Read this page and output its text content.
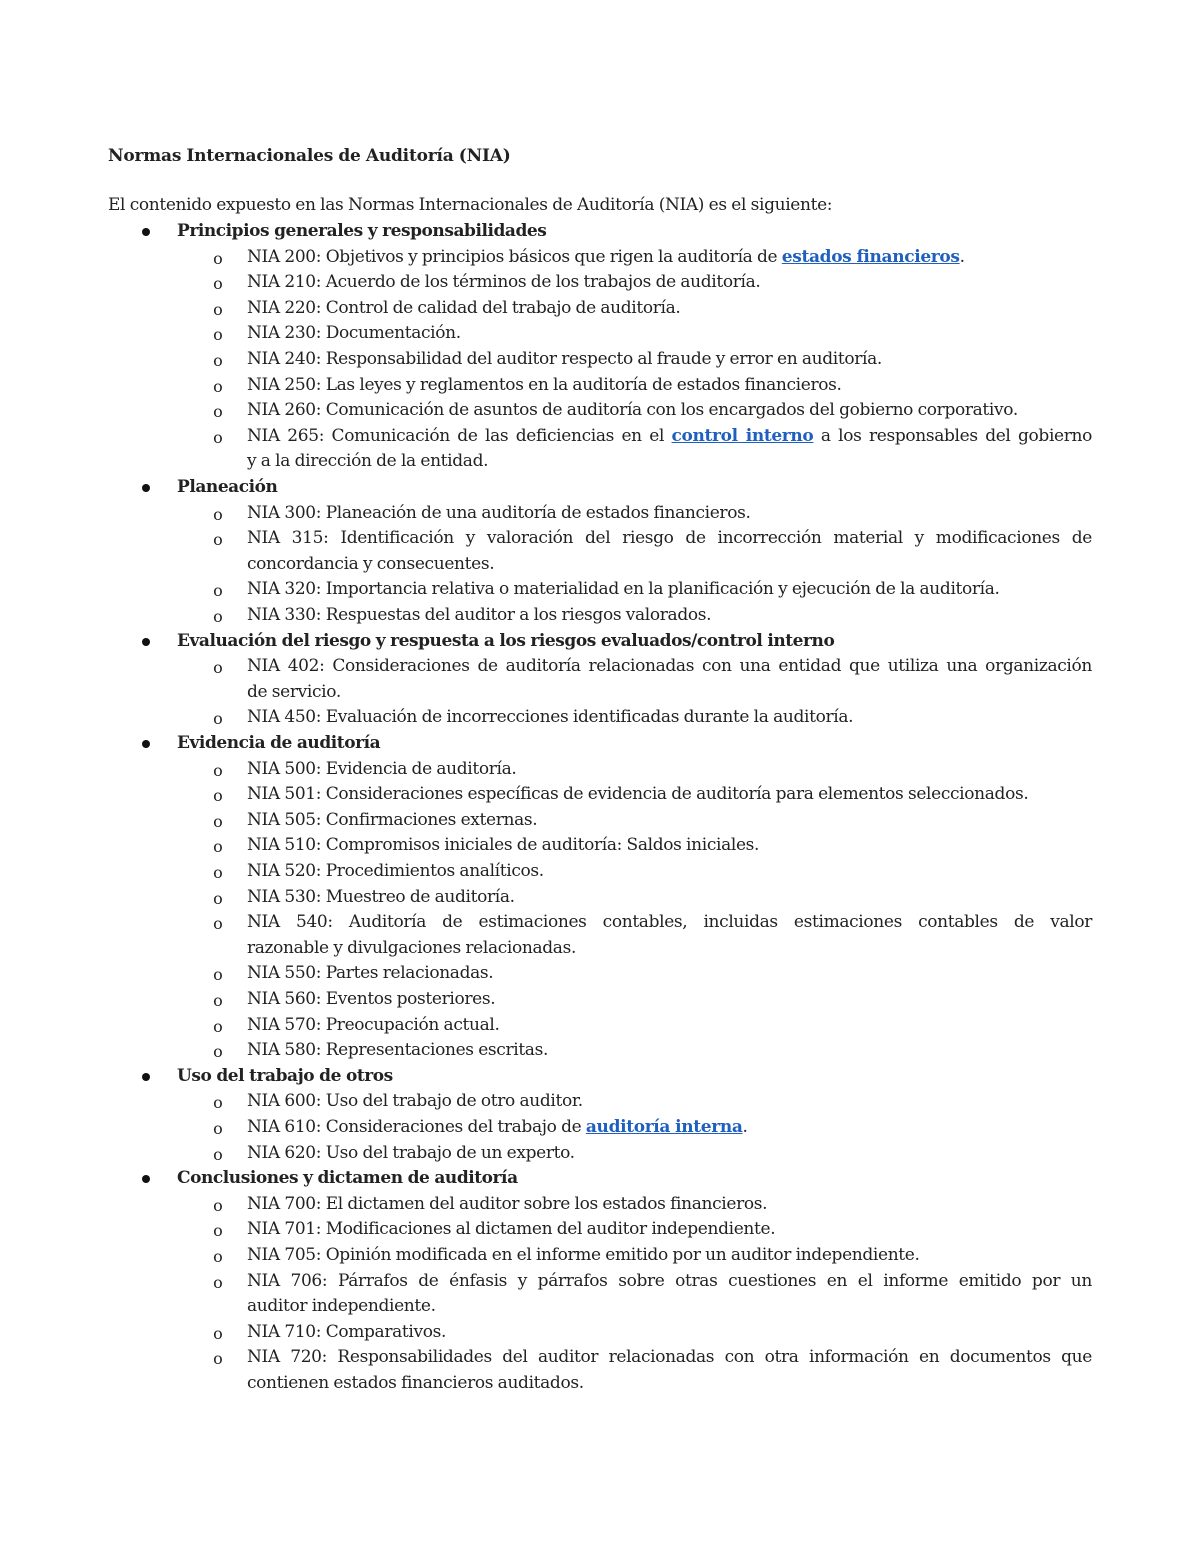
Normas Internacionales de Auditoría (NIA)
El contenido expuesto en las Normas Internacionales de Auditoría (NIA) es el siguiente:
Principios generales y responsabilidades
o NIA 200: Objetivos y principios básicos que rigen la auditoría de estados financieros.
o NIA 210: Acuerdo de los términos de los trabajos de auditoría.
o NIA 220: Control de calidad del trabajo de auditoría.
o NIA 230: Documentación.
o NIA 240: Responsabilidad del auditor respecto al fraude y error en auditoría.
o NIA 250: Las leyes y reglamentos en la auditoría de estados financieros.
o NIA 260: Comunicación de asuntos de auditoría con los encargados del gobierno corporativo.
o NIA 265: Comunicación de las deficiencias en el control interno a los responsables del gobierno
y a la dirección de la entidad.
Planeación
o NIA 300: Planeación de una auditoría de estados financieros.
o NIA 315: Identificación y valoración del riesgo de incorrección material y modificaciones de
concordancia y consecuentes.
o NIA 320: Importancia relativa o materialidad en la planificación y ejecución de la auditoría.
o NIA 330: Respuestas del auditor a los riesgos valorados.
Evaluación del riesgo y respuesta a los riesgos evaluados/control interno
o NIA 402: Consideraciones de auditoría relacionadas con una entidad que utiliza una organización
de servicio.
o NIA 450: Evaluación de incorrecciones identificadas durante la auditoría.
Evidencia de auditoría
o NIA 500: Evidencia de auditoría.
o NIA 501: Consideraciones específicas de evidencia de auditoría para elementos seleccionados.
o NIA 505: Confirmaciones externas.
o NIA 510: Compromisos iniciales de auditoría: Saldos iniciales.
o NIA 520: Procedimientos analíticos.
o NIA 530: Muestreo de auditoría.
o NIA 540: Auditoría de estimaciones contables, incluidas estimaciones contables de valor
razonable y divulgaciones relacionadas.
o NIA 550: Partes relacionadas.
o NIA 560: Eventos posteriores.
o NIA 570: Preocupación actual.
o NIA 580: Representaciones escritas.
Uso del trabajo de otros
o NIA 600: Uso del trabajo de otro auditor.
o NIA 610: Consideraciones del trabajo de auditoría interna.
o NIA 620: Uso del trabajo de un experto.
Conclusiones y dictamen de auditoría
o NIA 700: El dictamen del auditor sobre los estados financieros.
o NIA 701: Modificaciones al dictamen del auditor independiente.
o NIA 705: Opinión modificada en el informe emitido por un auditor independiente.
o NIA 706: Párrafos de énfasis y párrafos sobre otras cuestiones en el informe emitido por un
auditor independiente.
o NIA 710: Comparativos.
o NIA 720: Responsabilidades del auditor relacionadas con otra información en documentos que
contienen estados financieros auditados.
